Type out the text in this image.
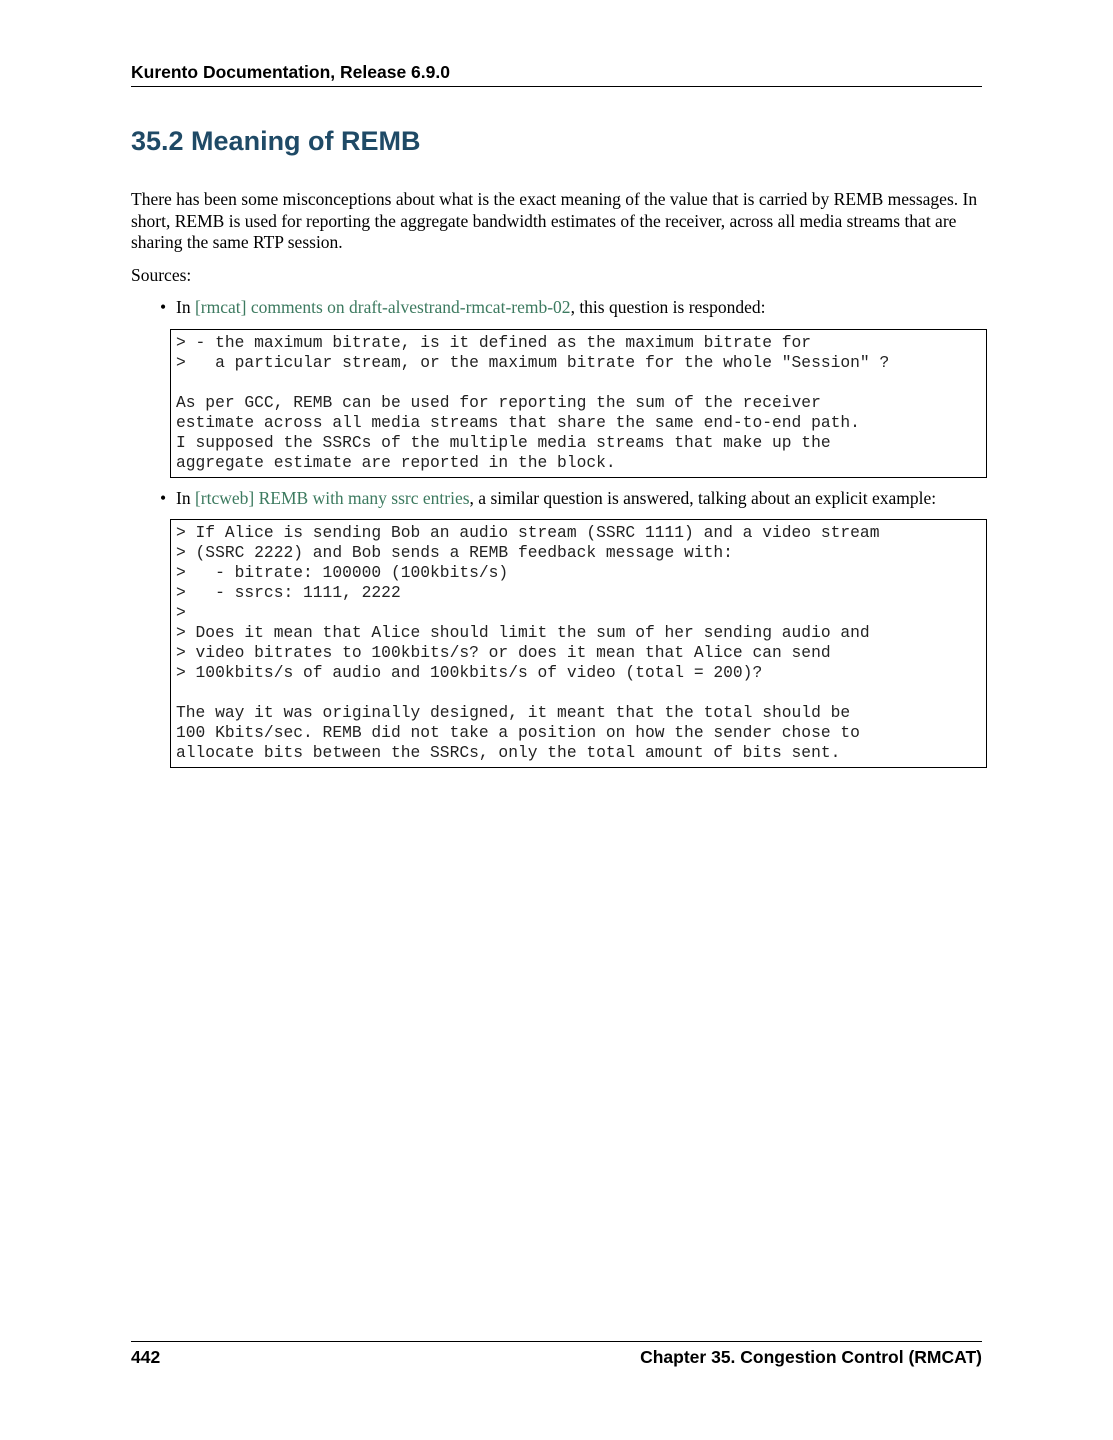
Kurento Documentation, Release 6.9.0
35.2 Meaning of REMB

There has been some misconceptions about what is the exact meaning of the value that is carried by REMB messages. In short, REMB is used for reporting the aggregate bandwidth estimates of the receiver, across all media streams that are sharing the same RTP session.

Sources:

• In [rmcat] comments on draft-alvestrand-rmcat-remb-02, this question is responded:
> - the maximum bitrate, is it defined as the maximum bitrate for
>   a particular stream, or the maximum bitrate for the whole "Session" ?

As per GCC, REMB can be used for reporting the sum of the receiver
estimate across all media streams that share the same end-to-end path.
I supposed the SSRCs of the multiple media streams that make up the
aggregate estimate are reported in the block.
• In [rtcweb] REMB with many ssrc entries, a similar question is answered, talking about an explicit example:
> If Alice is sending Bob an audio stream (SSRC 1111) and a video stream
> (SSRC 2222) and Bob sends a REMB feedback message with:
>   - bitrate: 100000 (100kbits/s)
>   - ssrcs: 1111, 2222
>
> Does it mean that Alice should limit the sum of her sending audio and
> video bitrates to 100kbits/s? or does it mean that Alice can send
> 100kbits/s of audio and 100kbits/s of video (total = 200)?

The way it was originally designed, it meant that the total should be
100 Kbits/sec. REMB did not take a position on how the sender chose to
allocate bits between the SSRCs, only the total amount of bits sent.
442	Chapter 35. Congestion Control (RMCAT)
